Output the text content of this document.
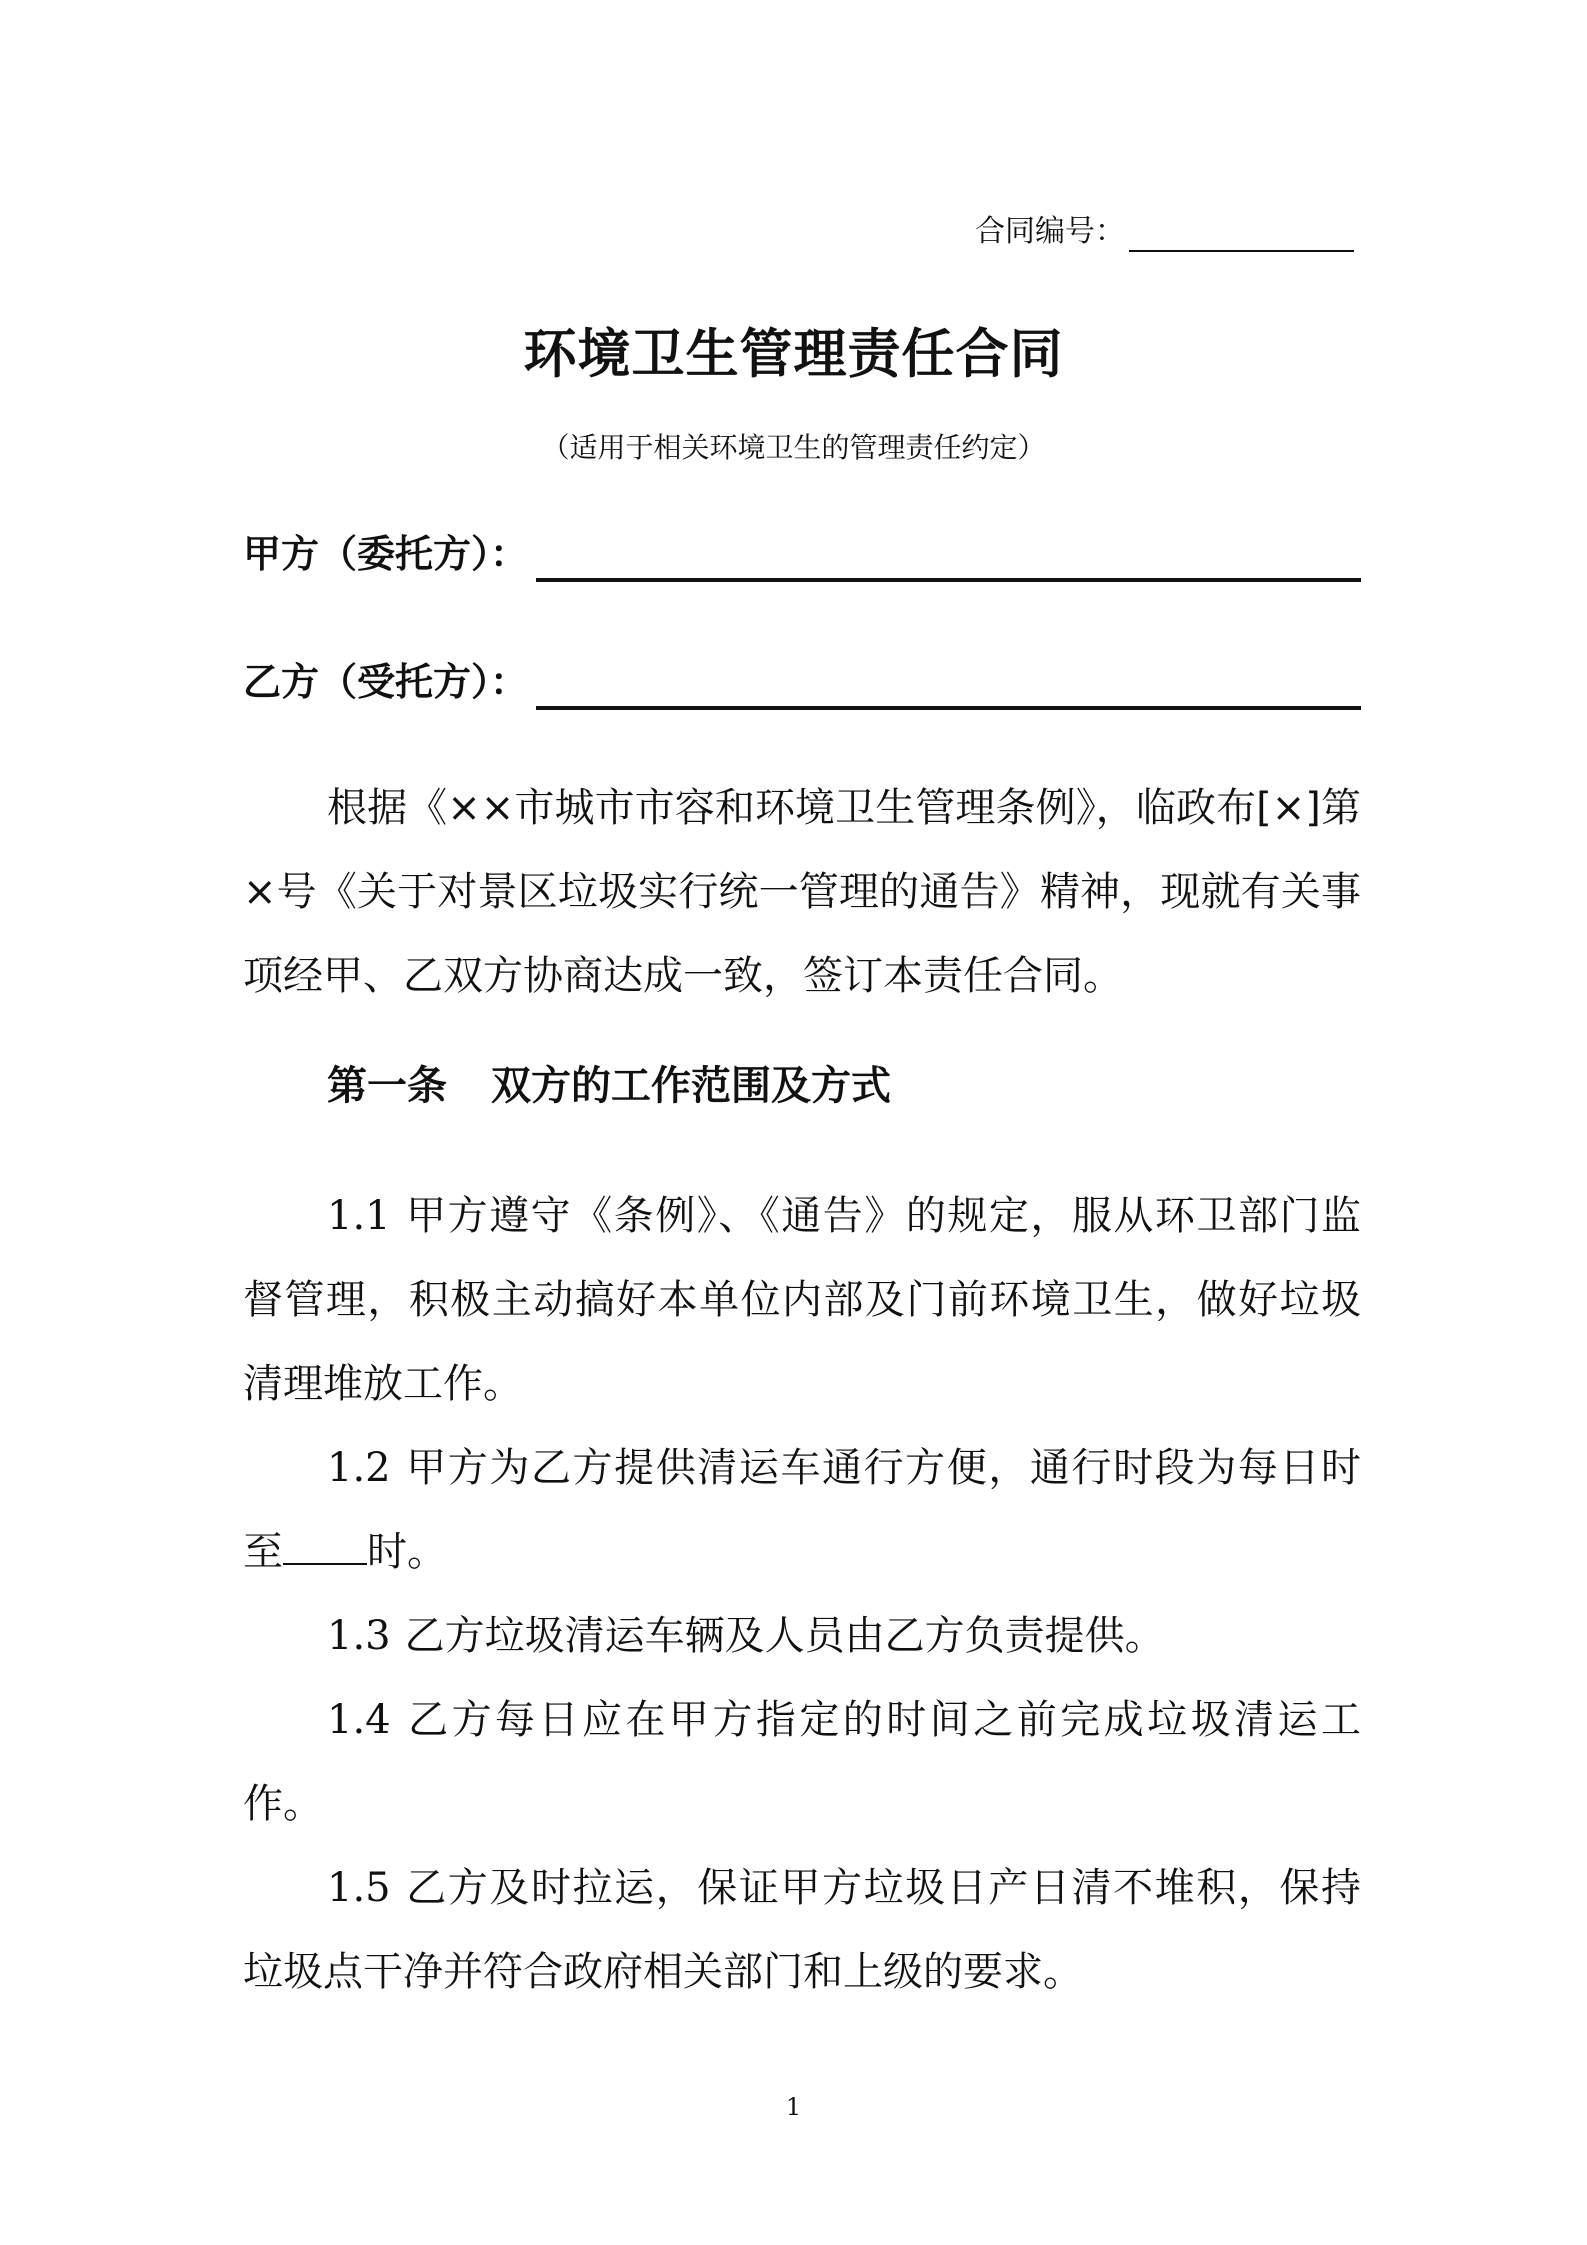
合同编号：
环境卫生管理责任合同
（适用于相关环境卫生的管理责任约定）
甲方（委托方）：
乙方（受托方）：

根据《××市城市市容和环境卫生管理条例》，临政布[×]第×号《关于对景区垃圾实行统一管理的通告》精神，现就有关事项经甲、乙双方协商达成一致，签订本责任合同。

第一条 双方的工作范围及方式

1.1 甲方遵守《条例》、《通告》的规定，服从环卫部门监督管理，积极主动搞好本单位内部及门前环境卫生，做好垃圾清理堆放工作。

1.2 甲方为乙方提供清运车通行方便，通行时段为每日时至 时。

1.3 乙方垃圾清运车辆及人员由乙方负责提供。

1.4 乙方每日应在甲方指定的时间之前完成垃圾清运工作。

1.5 乙方及时拉运，保证甲方垃圾日产日清不堆积，保持垃圾点干净并符合政府相关部门和上级的要求。

1
